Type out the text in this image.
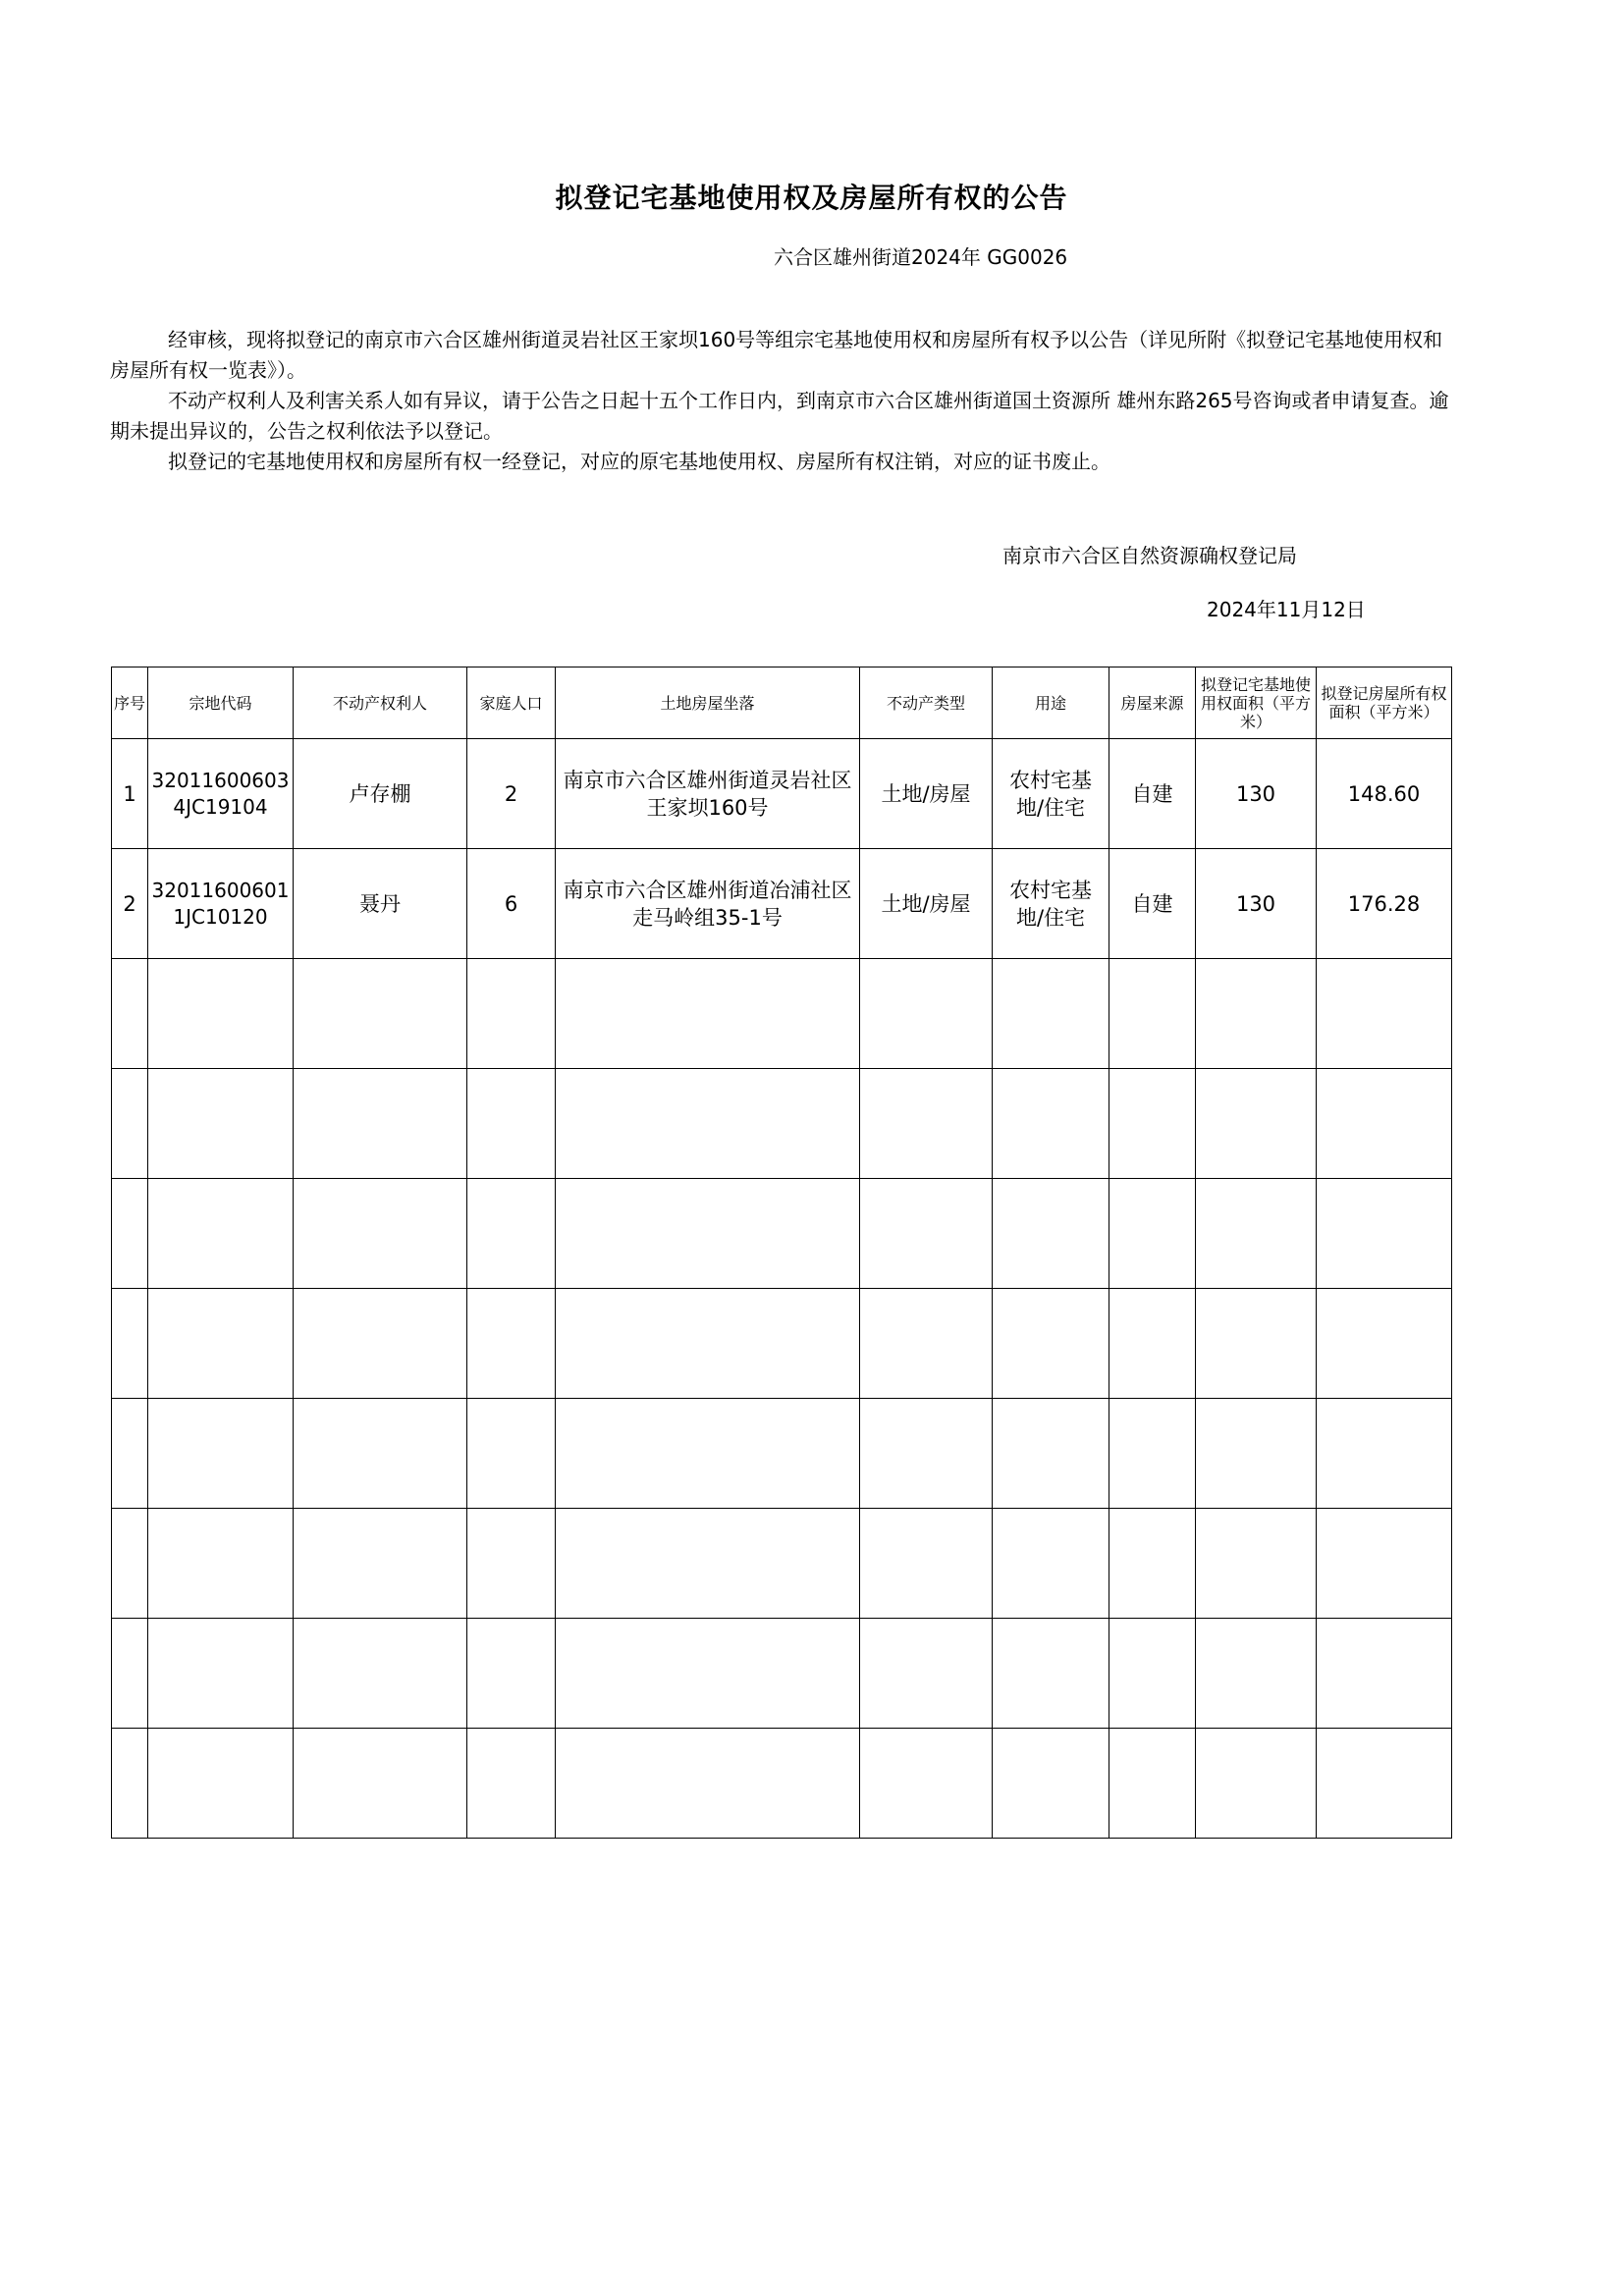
拟登记宅基地使用权及房屋所有权的公告
六合区雄州街道2024年 GG0026
经审核，现将拟登记的南京市六合区雄州街道灵岩社区王家坝160号等组宗宅基地使用权和房屋所有权予以公告（详见所附《拟登记宅基地使用权和房屋所有权一览表》）。
不动产权利人及利害关系人如有异议，请于公告之日起十五个工作日内，到南京市六合区雄州街道国土资源所 雄州东路265号咨询或者申请复查。逾期未提出异议的，公告之权利依法予以登记。
拟登记的宅基地使用权和房屋所有权一经登记，对应的原宅基地使用权、房屋所有权注销，对应的证书废止。
南京市六合区自然资源确权登记局
2024年11月12日
序号	宗地代码	不动产权利人	家庭人口	土地房屋坐落	不动产类型	用途	房屋来源	拟登记宅基地使用权面积（平方米）	拟登记房屋所有权面积（平方米）
1	320116006034JC19104	卢存棚	2	南京市六合区雄州街道灵岩社区王家坝160号	土地/房屋	农村宅基地/住宅	自建	130	148.60
2	320116006011JC10120	聂丹	6	南京市六合区雄州街道冶浦社区走马岭组35-1号	土地/房屋	农村宅基地/住宅	自建	130	176.28
